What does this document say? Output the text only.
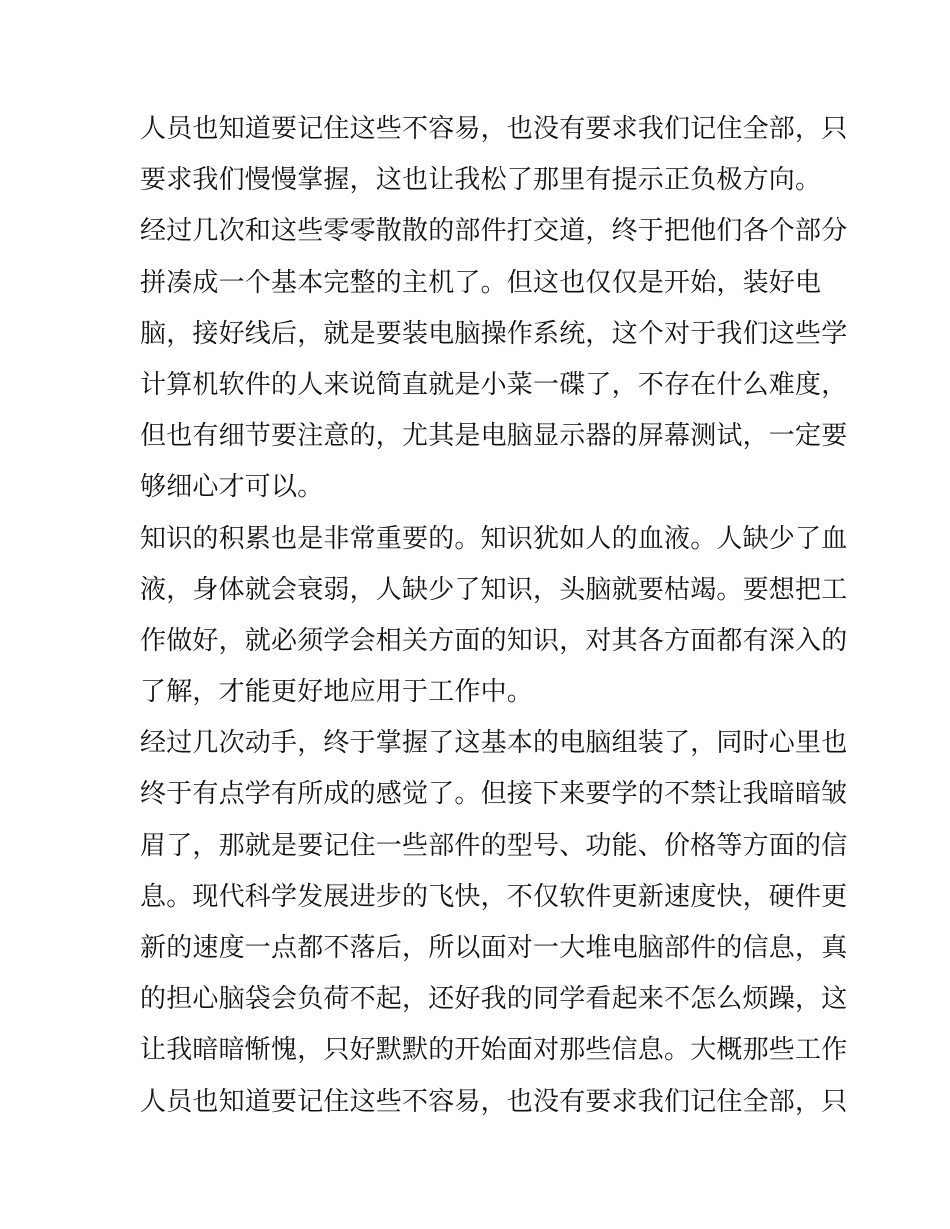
人员也知道要记住这些不容易，也没有要求我们记住全部，只
要求我们慢慢掌握，这也让我松了那里有提示正负极方向。
经过几次和这些零零散散的部件打交道，终于把他们各个部分
拼凑成一个基本完整的主机了。但这也仅仅是开始，装好电
脑，接好线后，就是要装电脑操作系统，这个对于我们这些学
计算机软件的人来说简直就是小菜一碟了，不存在什么难度，
但也有细节要注意的，尤其是电脑显示器的屏幕测试，一定要
够细心才可以。
知识的积累也是非常重要的。知识犹如人的血液。人缺少了血
液，身体就会衰弱，人缺少了知识，头脑就要枯竭。要想把工
作做好，就必须学会相关方面的知识，对其各方面都有深入的
了解，才能更好地应用于工作中。
经过几次动手，终于掌握了这基本的电脑组装了，同时心里也
终于有点学有所成的感觉了。但接下来要学的不禁让我暗暗皱
眉了，那就是要记住一些部件的型号、功能、价格等方面的信
息。现代科学发展进步的飞快，不仅软件更新速度快，硬件更
新的速度一点都不落后，所以面对一大堆电脑部件的信息，真
的担心脑袋会负荷不起，还好我的同学看起来不怎么烦躁，这
让我暗暗惭愧，只好默默的开始面对那些信息。大概那些工作
人员也知道要记住这些不容易，也没有要求我们记住全部，只
